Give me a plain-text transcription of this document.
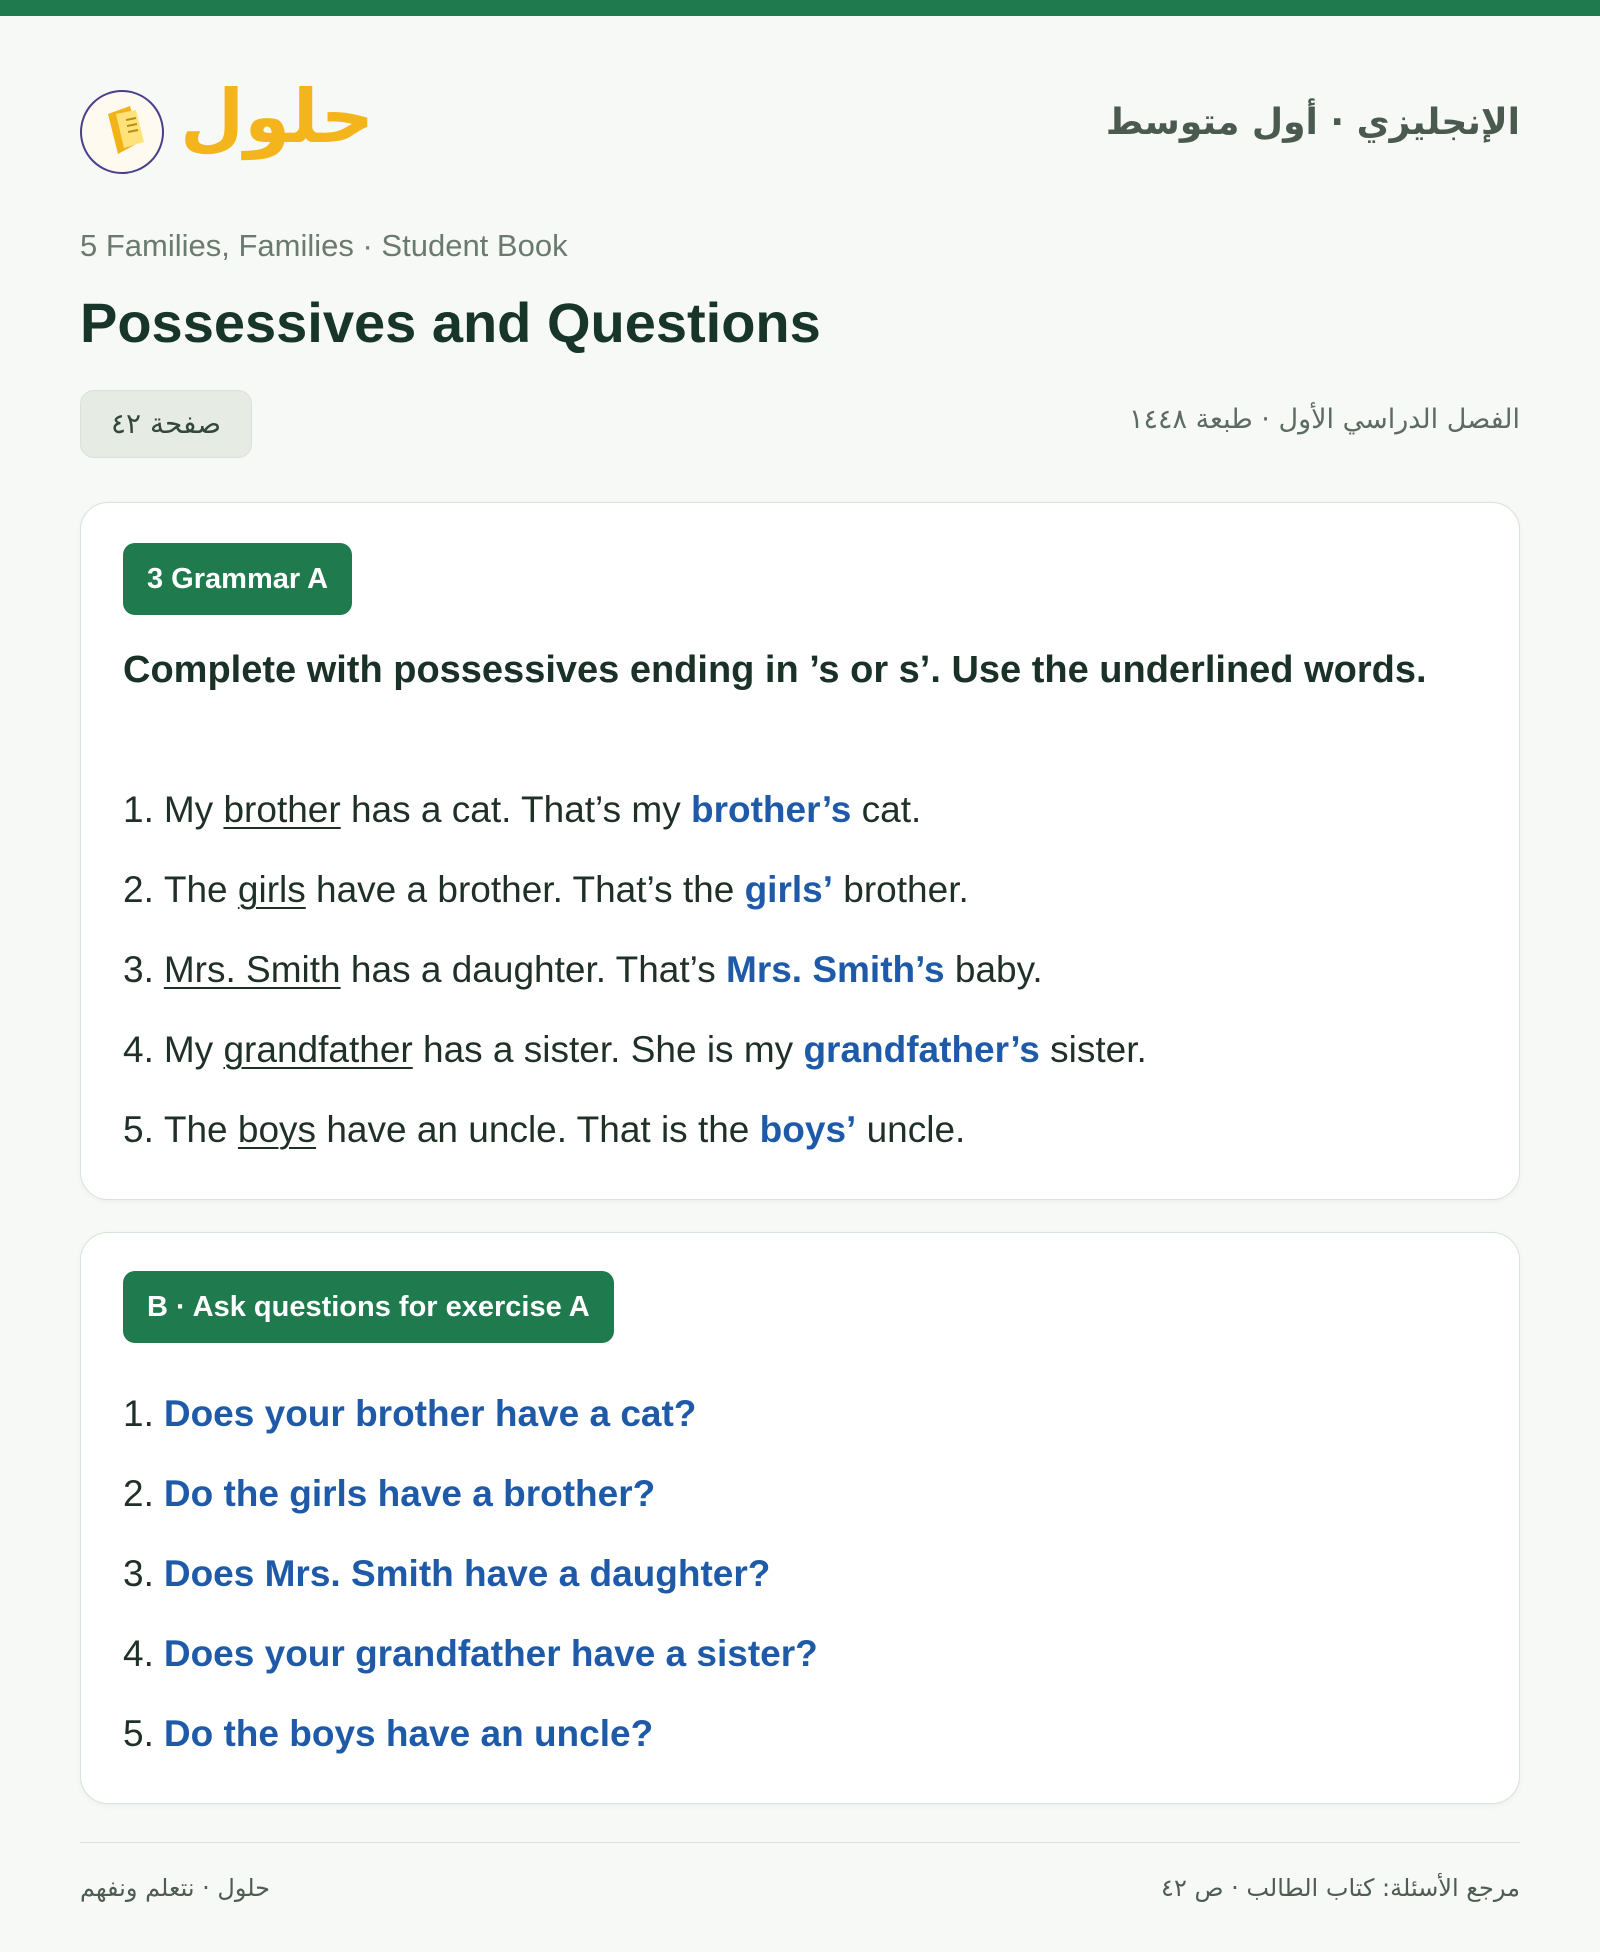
حلول	الإنجليزي · أول متوسط
5 Families, Families · Student Book
Possessives and Questions
صفحة ٤٢	الفصل الدراسي الأول · طبعة ١٤٤٨
3 Grammar A

Complete with possessives ending in ’s or s’. Use the underlined words.

1. My brother has a cat. That’s my brother’s cat.
2. The girls have a brother. That’s the girls’ brother.
3. Mrs. Smith has a daughter. That’s Mrs. Smith’s baby.
4. My grandfather has a sister. She is my grandfather’s sister.
5. The boys have an uncle. That is the boys’ uncle.
B · Ask questions for exercise A
1. Does your brother have a cat?
2. Do the girls have a brother?
3. Does Mrs. Smith have a daughter?
4. Does your grandfather have a sister?
5. Do the boys have an uncle?
حلول · نتعلم ونفهم	مرجع الأسئلة: كتاب الطالب · ص ٤٢
